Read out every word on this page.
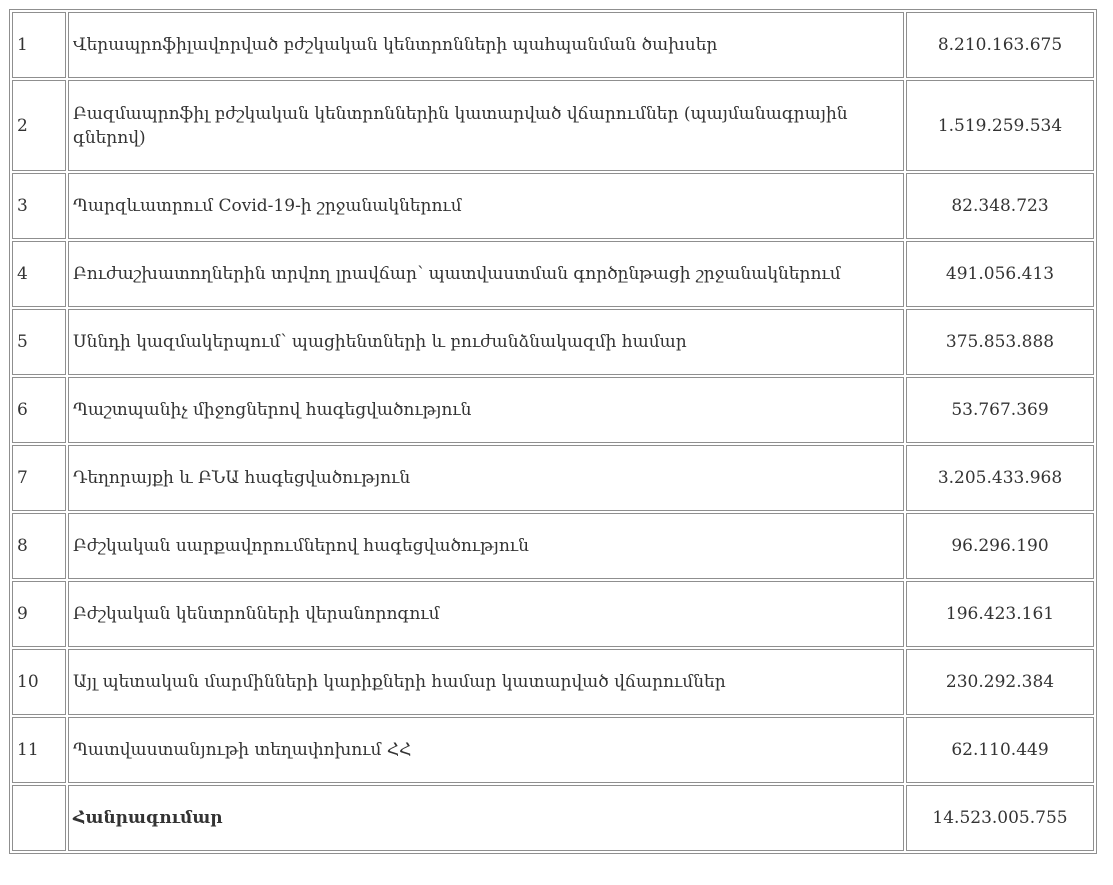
1	Վերապրոֆիլավորված բժշկական կենտրոնների պահպանման ծախսեր	8.210.163.675
2	Բազմապրոֆիլ բժշկական կենտրոններին կատարված վճարումներ (պայմանագրային գներով)	1.519.259.534
3	Պարզևատրում Covid-19-ի շրջանակներում	82.348.723
4	Բուժաշխատողներին տրվող լրավճար՝ պատվաստման գործընթացի շրջանակներում	491.056.413
5	Սննդի կազմակերպում՝ պացիենտների և բուժանձնակազմի համար	375.853.888
6	Պաշտպանիչ միջոցներով հագեցվածություն	53.767.369
7	Դեղորայքի և ԲՆԱ հագեցվածություն	3.205.433.968
8	Բժշկական սարքավորումներով հագեցվածություն	96.296.190
9	Բժշկական կենտրոնների վերանորոգում	196.423.161
10	Այլ պետական մարմինների կարիքների համար կատարված վճարումներ	230.292.384
11	Պատվաստանյութի տեղափոխում ՀՀ	62.110.449
	Հանրագումար	14.523.005.755
